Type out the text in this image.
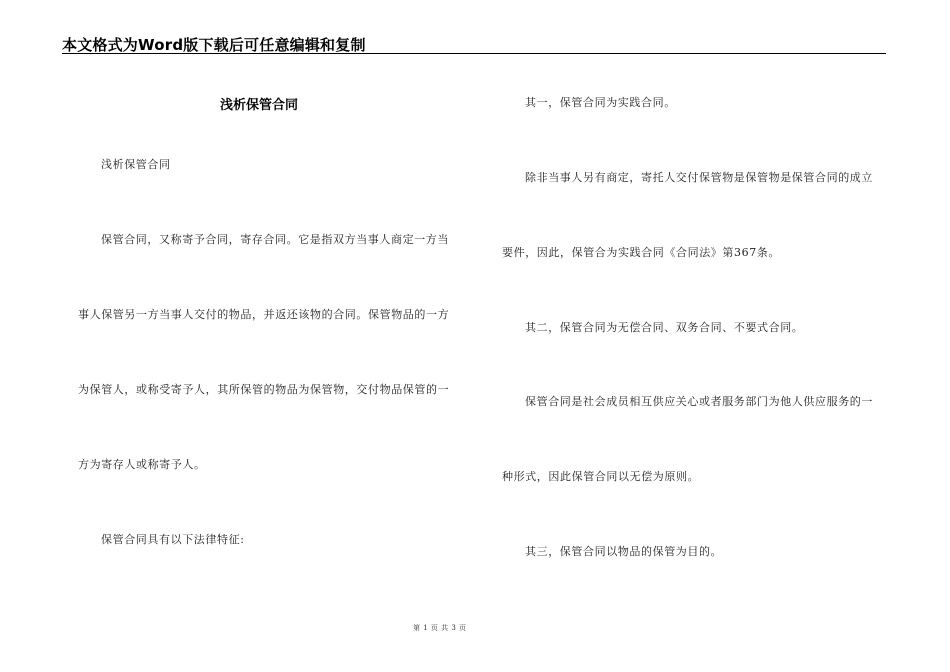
本文格式为Word版下载后可任意编辑和复制
浅析保管合同
浅析保管合同
保管合同，又称寄予合同，寄存合同。它是指双方当事人商定一方当
事人保管另一方当事人交付的物品，并返还该物的合同。保管物品的一方
为保管人，或称受寄予人，其所保管的物品为保管物，交付物品保管的一
方为寄存人或称寄予人。
保管合同具有以下法律特征:
其一，保管合同为实践合同。
除非当事人另有商定，寄托人交付保管物是保管物是保管合同的成立
要件，因此，保管合为实践合同《合同法》第367条。
其二，保管合同为无偿合同、双务合同、不要式合同。
保管合同是社会成员相互供应关心或者服务部门为他人供应服务的一
种形式，因此保管合同以无偿为原则。
其三，保管合同以物品的保管为目的。
第 1 页 共 3 页
